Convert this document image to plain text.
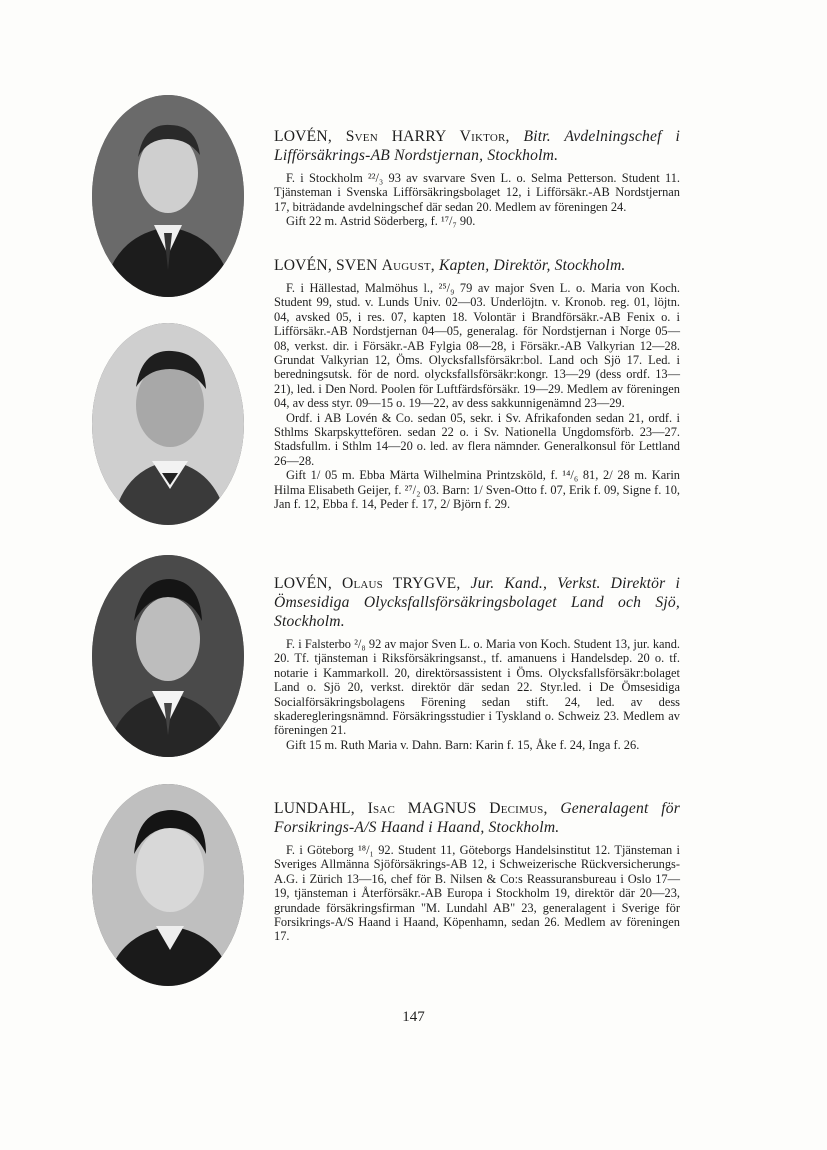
LOVÉN, Sven HARRY Viktor, Bitr. Avdelningschef i Lifförsäkrings-AB Nordstjernan, Stockholm.

F. i Stockholm ²²/₃ 93 av svarvare Sven L. o. Selma Petterson. Student 11. Tjänsteman i Svenska Lifförsäkringsbolaget 12, i Lifförsäkr.-AB Nordstjernan 17, biträdande avdelningschef där sedan 20. Medlem av föreningen 24.

Gift 22 m. Astrid Söderberg, f. ¹⁷/₇ 90.

LOVÉN, SVEN August, Kapten, Direktör, Stockholm.

F. i Hällestad, Malmöhus l., ²⁵/₉ 79 av major Sven L. o. Maria von Koch. Student 99, stud. v. Lunds Univ. 02—03. Underlöjtn. v. Kronob. reg. 01, löjtn. 04, avsked 05, i res. 07, kapten 18. Volontär i Brandförsäkr.-AB Fenix o. i Lifförsäkr.-AB Nordstjernan 04—05, generalag. för Nordstjernan i Norge 05—08, verkst. dir. i Försäkr.-AB Fylgia 08—28, i Försäkr.-AB Valkyrian 12—28. Grundat Valkyrian 12, Öms. Olycksfallsförsäkr:bol. Land och Sjö 17. Led. i beredningsutsk. för de nord. olycksfallsförsäkr:kongr. 13—29 (dess ordf. 13—21), led. i Den Nord. Poolen för Luftfärdsförsäkr. 19—29. Medlem av föreningen 04, av dess styr. 09—15 o. 19—22, av dess sakkunnigenämnd 23—29.

Ordf. i AB Lovén & Co. sedan 05, sekr. i Sv. Afrikafonden sedan 21, ordf. i Sthlms Skarpskyttefören. sedan 22 o. i Sv. Nationella Ungdomsförb. 23—27. Stadsfullm. i Sthlm 14—20 o. led. av flera nämnder. Generalkonsul för Lettland 26—28.

Gift 1/ 05 m. Ebba Märta Wilhelmina Printzsköld, f. ¹⁴/₆ 81, 2/ 28 m. Karin Hilma Elisabeth Geijer, f. ²⁷/₂ 03. Barn: 1/ Sven-Otto f. 07, Erik f. 09, Signe f. 10, Jan f. 12, Ebba f. 14, Peder f. 17, 2/ Björn f. 29.

LOVÉN, Olaus TRYGVE, Jur. Kand., Verkst. Direktör i Ömsesidiga Olycksfallsförsäkringsbolaget Land och Sjö, Stockholm.

F. i Falsterbo ²/₈ 92 av major Sven L. o. Maria von Koch. Student 13, jur. kand. 20. Tf. tjänsteman i Riksförsäkringsanst., tf. amanuens i Handelsdep. 20 o. tf. notarie i Kammarkoll. 20, direktörsassistent i Öms. Olycksfallsförsäkr:bolaget Land o. Sjö 20, verkst. direktör där sedan 22. Styr.led. i De Ömsesidiga Socialförsäkringsbolagens Förening sedan stift. 24, led. av dess skaderegleringsnämnd. Försäkringsstudier i Tyskland o. Schweiz 23. Medlem av föreningen 21.

Gift 15 m. Ruth Maria v. Dahn. Barn: Karin f. 15, Åke f. 24, Inga f. 26.

LUNDAHL, Isac MAGNUS Decimus, Generalagent för Forsikrings-A/S Haand i Haand, Stockholm.

F. i Göteborg ¹⁸/₁ 92. Student 11, Göteborgs Handelsinstitut 12. Tjänsteman i Sveriges Allmänna Sjöförsäkrings-AB 12, i Schweizerische Rückversicherungs-A.G. i Zürich 13—16, chef för B. Nilsen & Co:s Reassuransbureau i Oslo 17—19, tjänsteman i Återförsäkr.-AB Europa i Stockholm 19, direktör där 20—23, grundade försäkringsfirman "M. Lundahl AB" 23, generalagent i Sverige för Forsikrings-A/S Haand i Haand, Köpenhamn, sedan 26. Medlem av föreningen 17.

147
